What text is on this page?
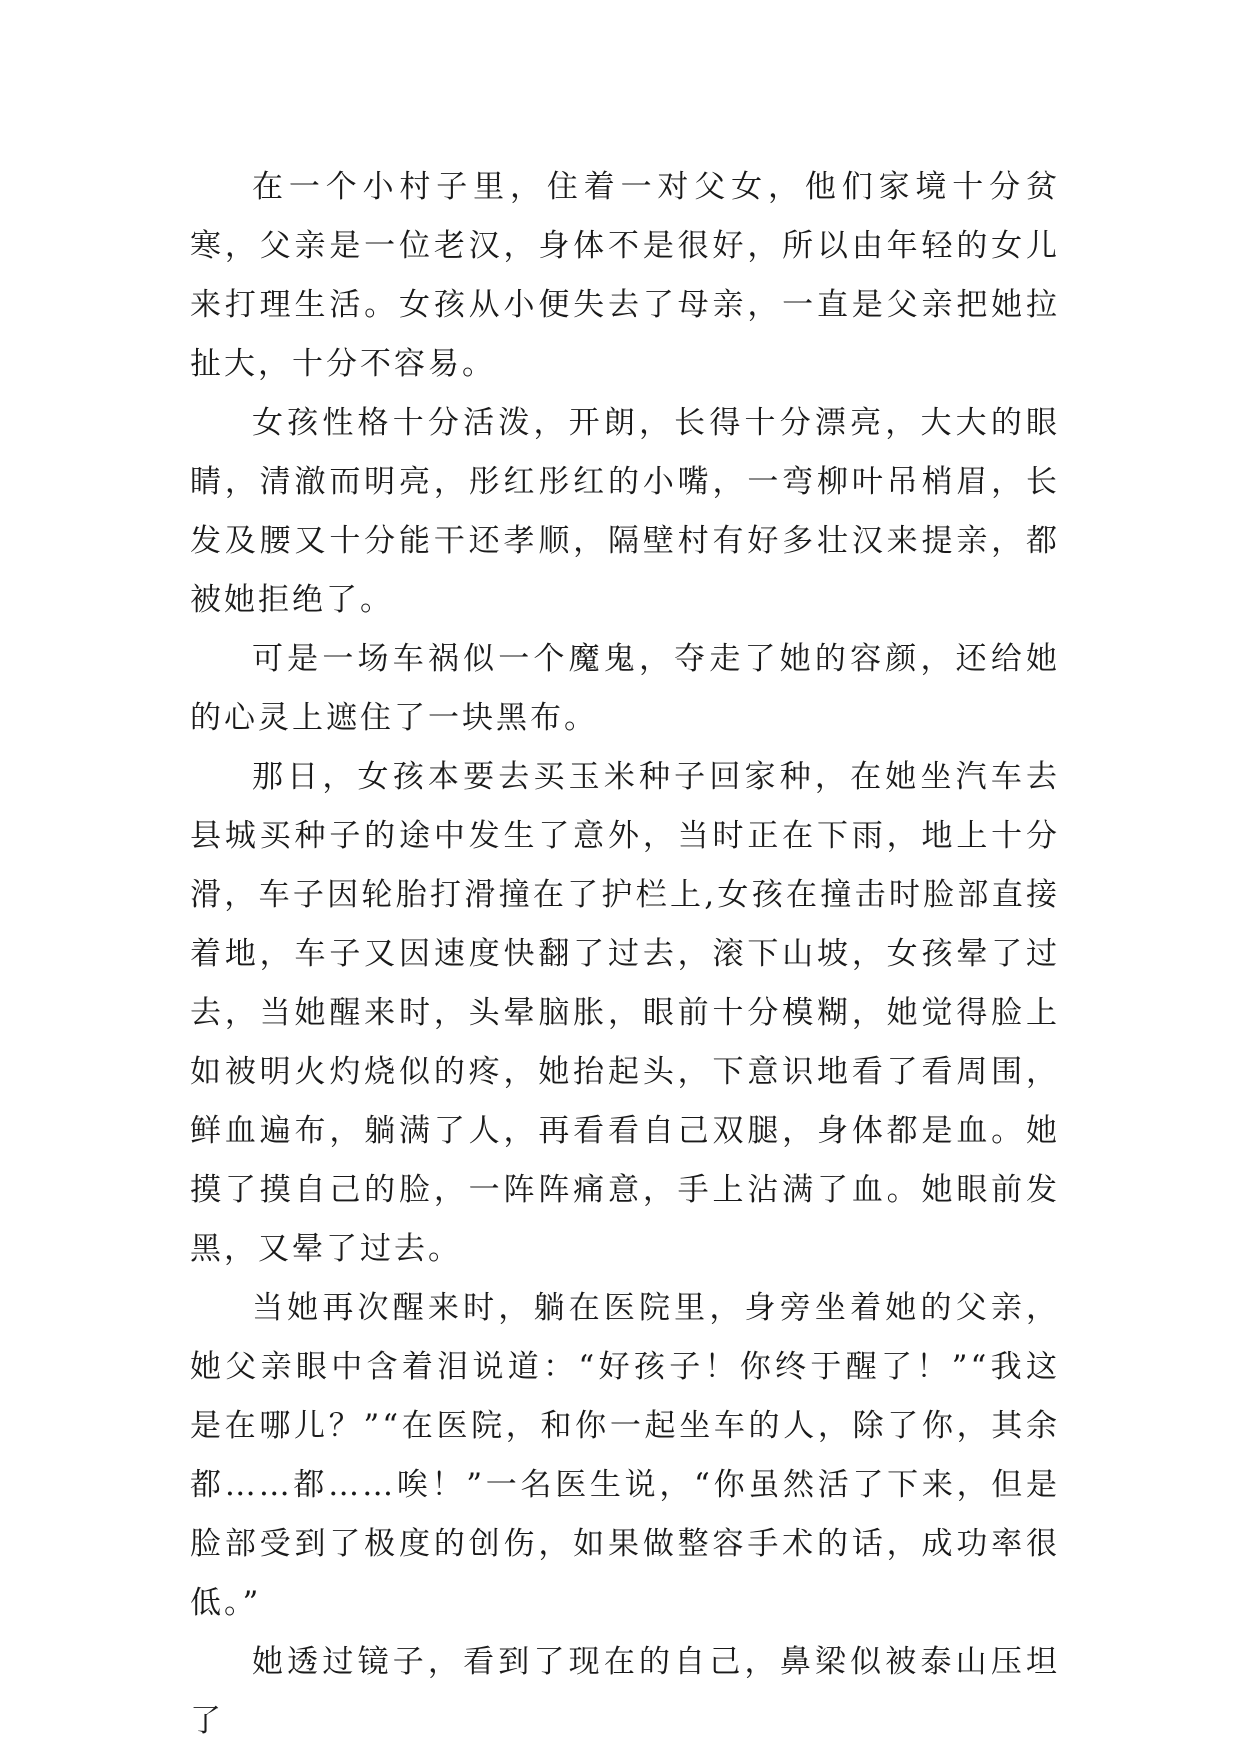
在一个小村子里，住着一对父女，他们家境十分贫寒，父亲是一位老汉，身体不是很好，所以由年轻的女儿来打理生活。女孩从小便失去了母亲，一直是父亲把她拉扯大，十分不容易。

女孩性格十分活泼，开朗，长得十分漂亮，大大的眼睛，清澈而明亮，彤红彤红的小嘴，一弯柳叶吊梢眉，长发及腰又十分能干还孝顺，隔壁村有好多壮汉来提亲，都被她拒绝了。

可是一场车祸似一个魔鬼，夺走了她的容颜，还给她的心灵上遮住了一块黑布。

那日，女孩本要去买玉米种子回家种，在她坐汽车去县城买种子的途中发生了意外，当时正在下雨，地上十分滑，车子因轮胎打滑撞在了护栏上,女孩在撞击时脸部直接着地，车子又因速度快翻了过去，滚下山坡，女孩晕了过去，当她醒来时，头晕脑胀，眼前十分模糊，她觉得脸上如被明火灼烧似的疼，她抬起头，下意识地看了看周围，鲜血遍布，躺满了人，再看看自己双腿，身体都是血。她摸了摸自己的脸，一阵阵痛意，手上沾满了血。她眼前发黑，又晕了过去。

当她再次醒来时，躺在医院里，身旁坐着她的父亲，她父亲眼中含着泪说道：“好孩子！你终于醒了！”“我这是在哪儿？”“在医院，和你一起坐车的人，除了你，其余都……都……唉！”一名医生说，“你虽然活了下来，但是脸部受到了极度的创伤，如果做整容手术的话，成功率很低。”

她透过镜子，看到了现在的自己，鼻梁似被泰山压坦了
